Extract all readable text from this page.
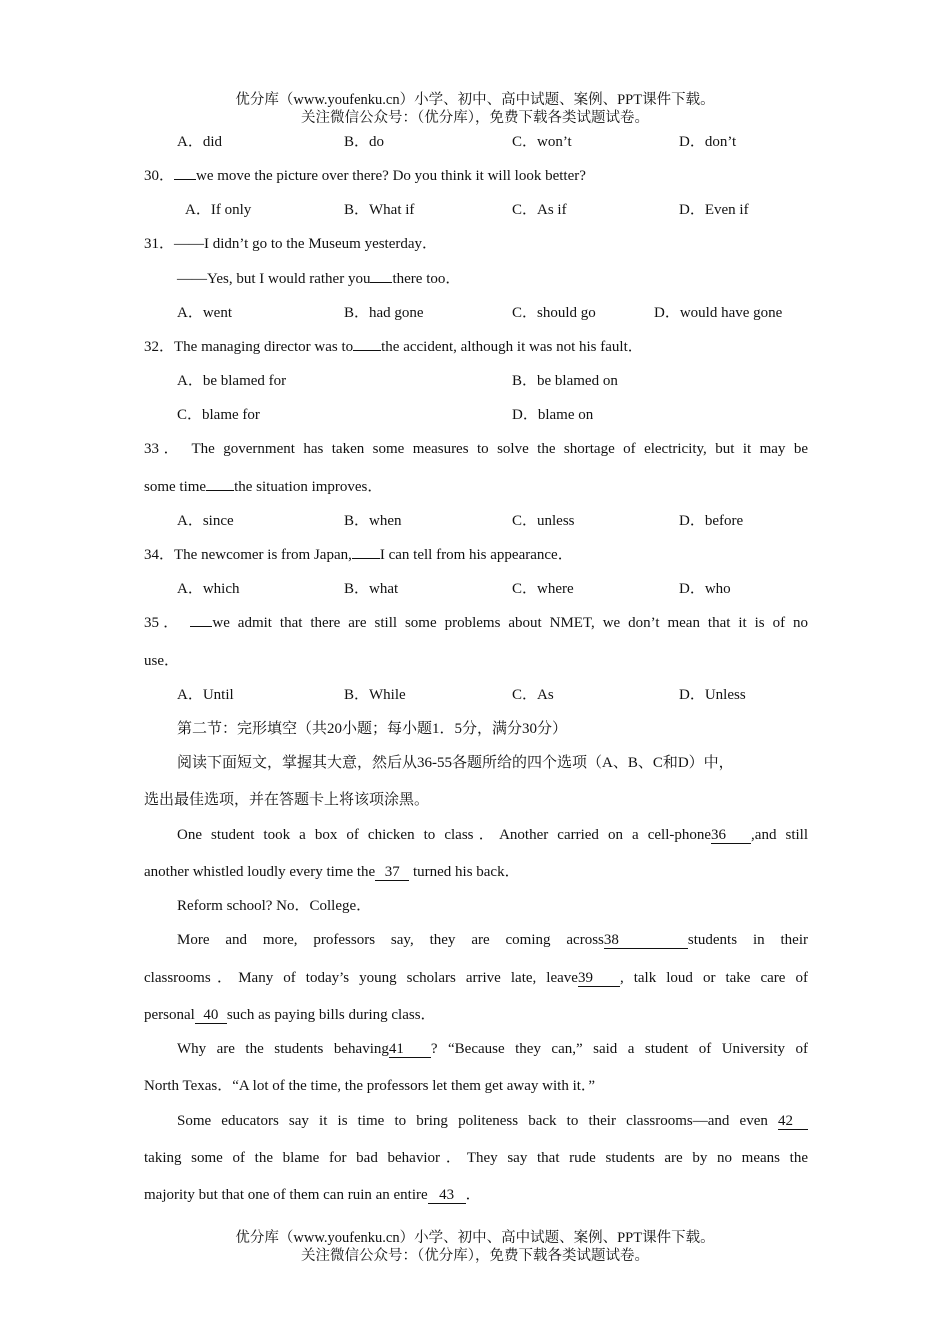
优分库（www.youfenku.cn）小学、初中、高中试题、案例、PPT课件下载。
关注微信公众号：（优分库），免费下载各类试题试卷。
A．did	B．do	C．won’t	D．don’t
30． we move the picture over there? Do you think it will look better?
A．If only	B．What if	C．As if	D．Even if
31．——I didn’t go to the Museum yesterday．
——Yes, but I would rather you there too．
A．went	B．had gone	C．should go	D．would have gone
32．The managing director was to the accident, although it was not his fault．
A．be blamed for	B．be blamed on
C．blame for	D．blame on
33． The government has taken some measures to solve the shortage of electricity, but it may be
some time the situation improves．
A．since	B．when	C．unless	D．before
34．The newcomer is from Japan, I can tell from his appearance．
A．which	B．what	C．where	D．who
35． we admit that there are still some problems about NMET, we don’t mean that it is of no
use．
A．Until	B．While	C．As	D．Unless
第二节：完形填空（共20小题；每小题1．5分，满分30分）
阅读下面短文，掌握其大意，然后从36-55各题所给的四个选项（A、B、C和D）中，
选出最佳选项，并在答题卡上将该项涂黑。
One student took a box of chicken to class．Another carried on a cell-phone36 ,and still
another whistled loudly every time the 37 turned his back．
Reform school? No．College．
More and more, professors say, they are coming across38	students in their
classrooms．Many of today’s young scholars arrive late, leave39 , talk loud or take care of
personal 40 such as paying bills during class．
Why are the students behaving41 ? “Because they can,” said a student of University of
North Texas．“A lot of the time, the professors let them get away with it．”
Some educators say it is time to bring politeness back to their classrooms—and even 42
taking some of the blame for bad behavior．They say that rude students are by no means the
majority but that one of them can ruin an entire 43 ．
优分库（www.youfenku.cn）小学、初中、高中试题、案例、PPT课件下载。
关注微信公众号：（优分库），免费下载各类试题试卷。
